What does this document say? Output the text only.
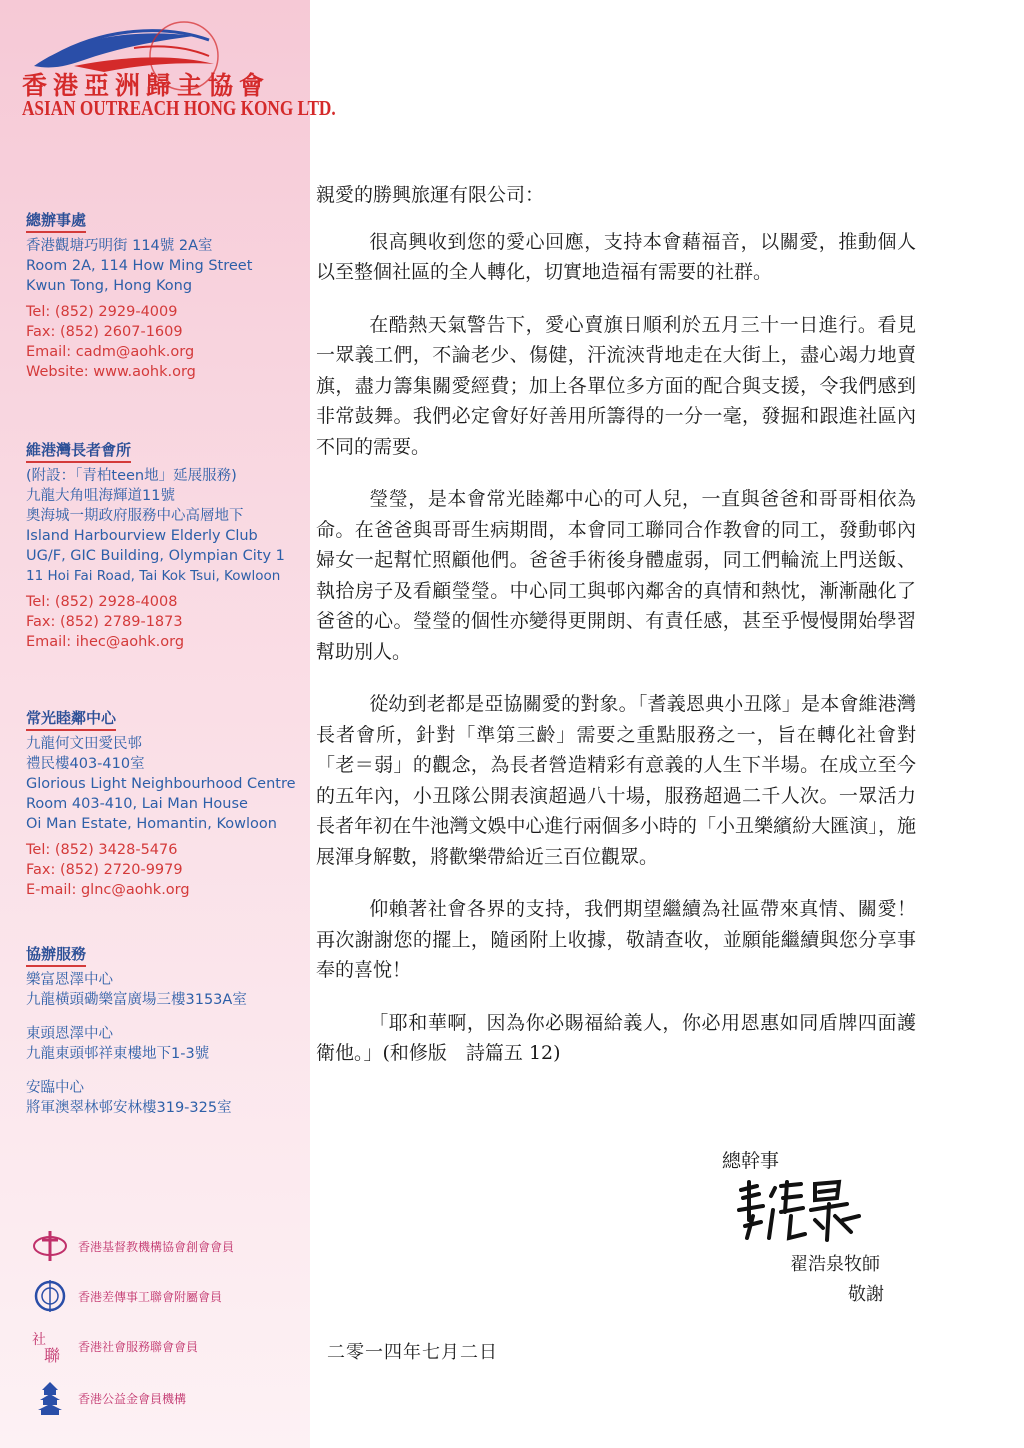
香港亞洲歸主協會
ASIAN OUTREACH HONG KONG LTD.
總辦事處
香港觀塘巧明街 114號 2A室
Room 2A, 114 How Ming Street
Kwun Tong, Hong Kong
Tel: (852) 2929-4009
Fax: (852) 2607-1609
Email: cadm@aohk.org
Website: www.aohk.org
維港灣長者會所
(附設：「青柏teen地」延展服務)
九龍大角咀海輝道11號
奧海城一期政府服務中心高層地下
Island Harbourview Elderly Club
UG/F, GIC Building, Olympian City 1
11 Hoi Fai Road, Tai Kok Tsui, Kowloon
Tel: (852) 2928-4008
Fax: (852) 2789-1873
Email: ihec@aohk.org
常光睦鄰中心
九龍何文田愛民邨
禮民樓403-410室
Glorious Light Neighbourhood Centre
Room 403-410, Lai Man House
Oi Man Estate, Homantin, Kowloon
Tel: (852) 3428-5476
Fax: (852) 2720-9979
E-mail: glnc@aohk.org
協辦服務
樂富恩澤中心
九龍橫頭磡樂富廣場三樓3153A室
東頭恩澤中心
九龍東頭邨祥東樓地下1-3號
安臨中心
將軍澳翠林邨安林樓319-325室
香港基督教機構協會創會會員
香港差傳事工聯會附屬會員
社
聯 香港社會服務聯會會員
香港公益金會員機構
親愛的勝興旅運有限公司：

很高興收到您的愛心回應，支持本會藉福音，以關愛，推動個人以至整個社區的全人轉化，切實地造福有需要的社群。

在酷熱天氣警告下，愛心賣旗日順利於五月三十一日進行。看見一眾義工們，不論老少、傷健，汗流浹背地走在大街上，盡心竭力地賣旗，盡力籌集關愛經費；加上各單位多方面的配合與支援，令我們感到非常鼓舞。我們必定會好好善用所籌得的一分一毫，發掘和跟進社區內不同的需要。

瑩瑩，是本會常光睦鄰中心的可人兒，一直與爸爸和哥哥相依為命。在爸爸與哥哥生病期間，本會同工聯同合作教會的同工，發動邨內婦女一起幫忙照顧他們。爸爸手術後身體虛弱，同工們輪流上門送飯、執拾房子及看顧瑩瑩。中心同工與邨內鄰舍的真情和熱忱，漸漸融化了爸爸的心。瑩瑩的個性亦變得更開朗、有責任感，甚至乎慢慢開始學習幫助別人。

從幼到老都是亞協關愛的對象。「耆義恩典小丑隊」是本會維港灣長者會所，針對「準第三齡」需要之重點服務之一，旨在轉化社會對「老＝弱」的觀念，為長者營造精彩有意義的人生下半場。在成立至今的五年內，小丑隊公開表演超過八十場，服務超過二千人次。一眾活力長者年初在牛池灣文娛中心進行兩個多小時的「小丑樂繽紛大匯演」，施展渾身解數，將歡樂帶給近三百位觀眾。

仰賴著社會各界的支持，我們期望繼續為社區帶來真情、關愛！再次謝謝您的擺上，隨函附上收據，敬請查收，並願能繼續與您分享事奉的喜悅！

「耶和華啊，因為你必賜福給義人，你必用恩惠如同盾牌四面護衛他。」(和修版　詩篇五 12)

總幹事
翟浩泉牧師
敬謝
二零一四年七月二日
